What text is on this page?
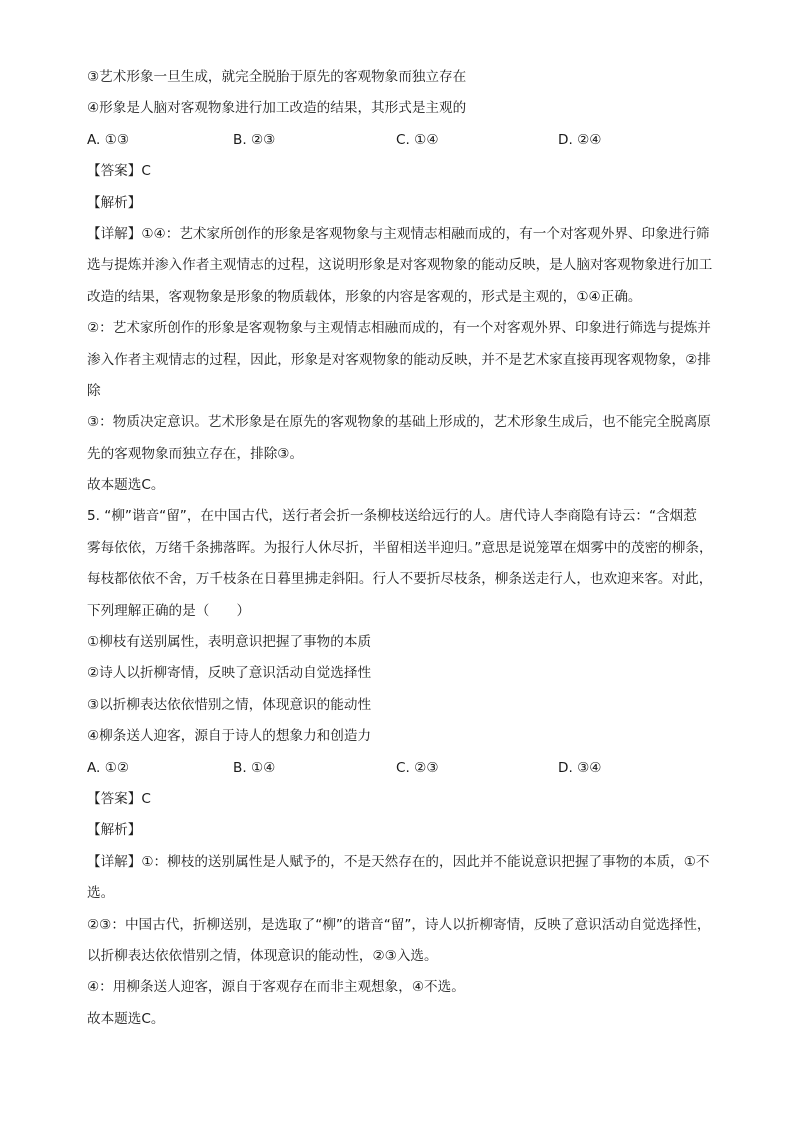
③艺术形象一旦生成，就完全脱胎于原先的客观物象而独立存在
④形象是人脑对客观物象进行加工改造的结果，其形式是主观的
A. ①③	B. ②③	C. ①④	D. ②④
【答案】C
【解析】
【详解】①④：艺术家所创作的形象是客观物象与主观情志相融而成的，有一个对客观外界、印象进行筛
选与提炼并渗入作者主观情志的过程，这说明形象是对客观物象的能动反映，是人脑对客观物象进行加工
改造的结果，客观物象是形象的物质载体，形象的内容是客观的，形式是主观的，①④正确。
②：艺术家所创作的形象是客观物象与主观情志相融而成的，有一个对客观外界、印象进行筛选与提炼并
渗入作者主观情志的过程，因此，形象是对客观物象的能动反映，并不是艺术家直接再现客观物象，②排
除
③：物质决定意识。艺术形象是在原先的客观物象的基础上形成的，艺术形象生成后，也不能完全脱离原
先的客观物象而独立存在，排除③。
故本题选C。
5. “柳”谐音“留”，在中国古代，送行者会折一条柳枝送给远行的人。唐代诗人李商隐有诗云：“含烟惹
雾每依依，万绪千条拂落晖。为报行人休尽折，半留相送半迎归。”意思是说笼罩在烟雾中的茂密的柳条，
每枝都依依不舍，万千枝条在日暮里拂走斜阳。行人不要折尽枝条，柳条送走行人，也欢迎来客。对此，
下列理解正确的是（　　）
①柳枝有送别属性，表明意识把握了事物的本质
②诗人以折柳寄情，反映了意识活动自觉选择性
③以折柳表达依依惜别之情，体现意识的能动性
④柳条送人迎客，源自于诗人的想象力和创造力
A. ①②	B. ①④	C. ②③	D. ③④
【答案】C
【解析】
【详解】①：柳枝的送别属性是人赋予的，不是天然存在的，因此并不能说意识把握了事物的本质，①不
选。
②③：中国古代，折柳送别，是选取了“柳”的谐音“留”，诗人以折柳寄情，反映了意识活动自觉选择性，
以折柳表达依依惜别之情，体现意识的能动性，②③入选。
④：用柳条送人迎客，源自于客观存在而非主观想象，④不选。
故本题选C。
